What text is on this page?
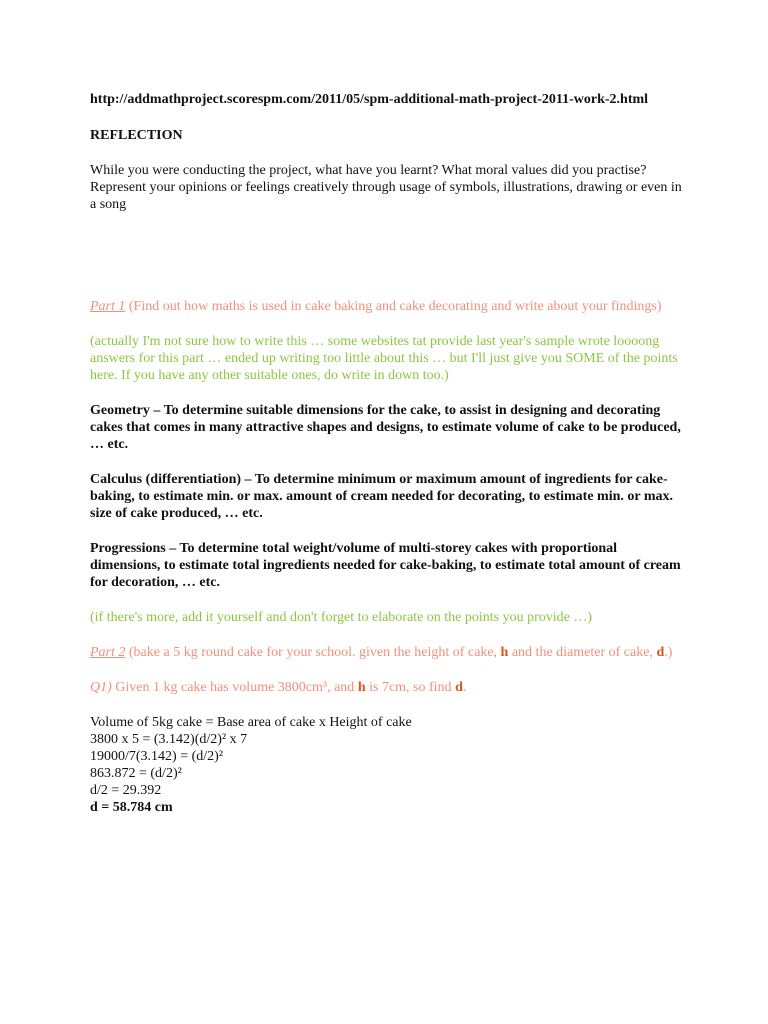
http://addmathproject.scorespm.com/2011/05/spm-additional-math-project-2011-work-2.html

REFLECTION

While you were conducting the project, what have you learnt? What moral values did you practise? Represent your opinions or feelings creatively through usage of symbols, illustrations, drawing or even in a song

Part 1 (Find out how maths is used in cake baking and cake decorating and write about your findings)

(actually I'm not sure how to write this … some websites tat provide last year's sample wrote loooong answers for this part … ended up writing too little about this … but I'll just give you SOME of the points here. If you have any other suitable ones, do write in down too.)

Geometry – To determine suitable dimensions for the cake, to assist in designing and decorating cakes that comes in many attractive shapes and designs, to estimate volume of cake to be produced, … etc.

Calculus (differentiation) – To determine minimum or maximum amount of ingredients for cake-baking, to estimate min. or max. amount of cream needed for decorating, to estimate min. or max. size of cake produced, … etc.

Progressions – To determine total weight/volume of multi-storey cakes with proportional dimensions, to estimate total ingredients needed for cake-baking, to estimate total amount of cream for decoration, … etc.

(if there's more, add it yourself and don't forget to elaborate on the points you provide …)

Part 2 (bake a 5 kg round cake for your school. given the height of cake, h and the diameter of cake, d.)

Q1) Given 1 kg cake has volume 3800cm³, and h is 7cm, so find d.

Volume of 5kg cake = Base area of cake x Height of cake

3800 x 5 = (3.142)(d/2)² x 7

19000/7(3.142) = (d/2)²

863.872 = (d/2)²

d/2 = 29.392

d = 58.784 cm
